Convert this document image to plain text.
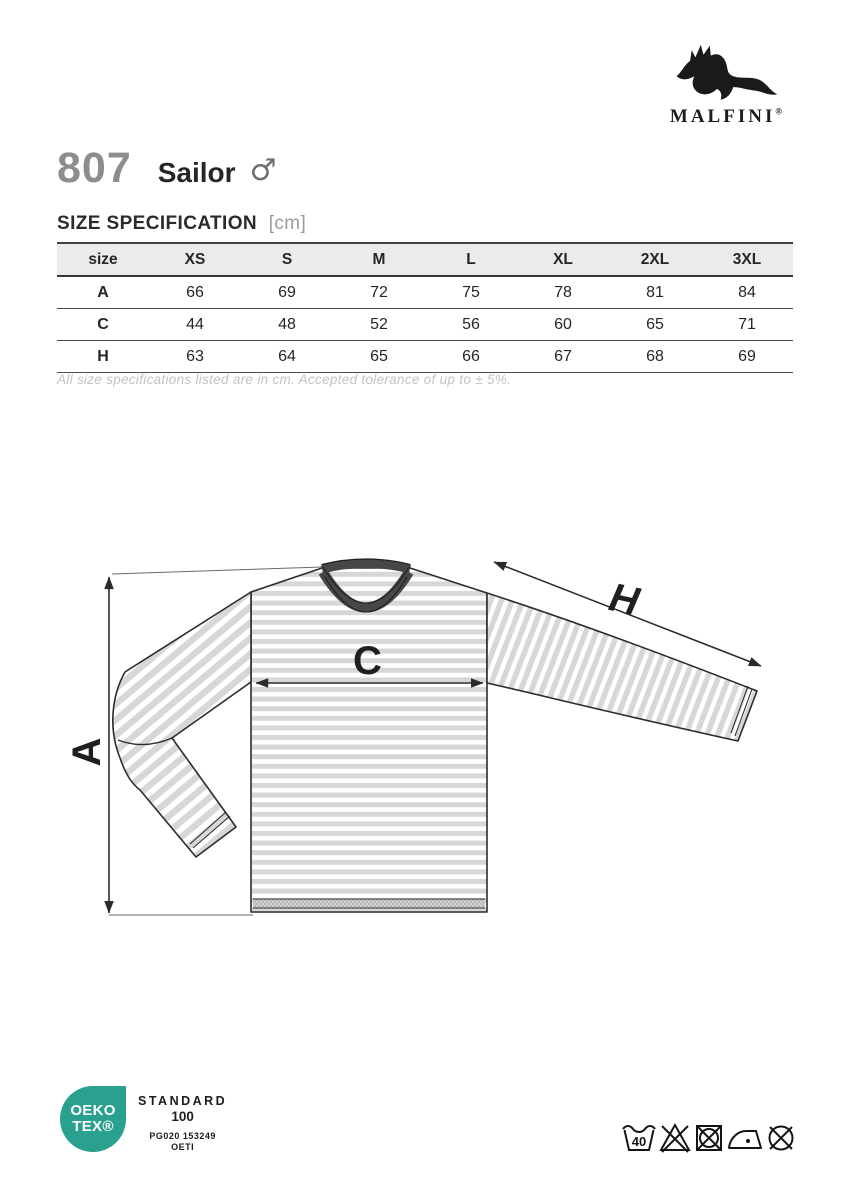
MALFINI®
807 Sailor ♂
SIZE SPECIFICATION [cm]
size	XS	S	M	L	XL	2XL	3XL
A	66	69	72	75	78	81	84
C	44	48	52	56	60	65	71
H	63	64	65	66	67	68	69
All size specifications listed are in cm. Accepted tolerance of up to ± 5%.
A
C
H
OEKO
TEX®
STANDARD
100
PG020 153249
OETI	40
